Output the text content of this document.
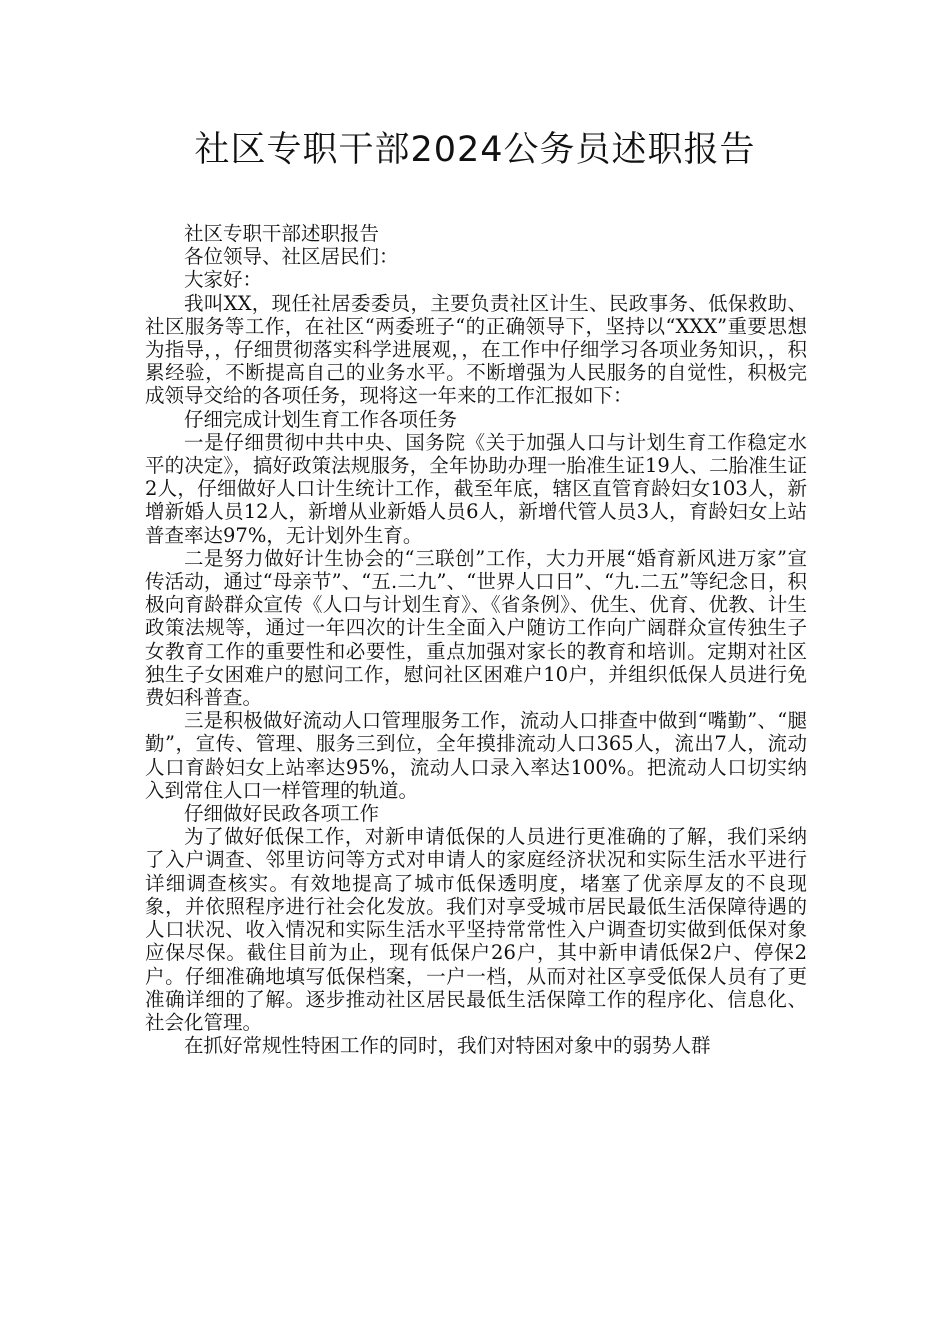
社区专职干部2024公务员述职报告

社区专职干部述职报告

各位领导、社区居民们：

大家好：

我叫XX，现任社居委委员，主要负责社区计生、民政事务、低保救助、社区服务等工作，在社区“两委班子“的正确领导下，坚持以“XXX”重要思想为指导，，仔细贯彻落实科学进展观，，在工作中仔细学习各项业务知识，，积累经验，不断提高自己的业务水平。不断增强为人民服务的自觉性，积极完成领导交给的各项任务，现将这一年来的工作汇报如下：

仔细完成计划生育工作各项任务

一是仔细贯彻中共中央、国务院《关于加强人口与计划生育工作稳定水平的决定》，搞好政策法规服务，全年协助办理一胎准生证19人、二胎准生证2人，仔细做好人口计生统计工作，截至年底，辖区直管育龄妇女103人，新增新婚人员12人，新增从业新婚人员6人，新增代管人员3人，育龄妇女上站普查率达97%，无计划外生育。

二是努力做好计生协会的“三联创”工作，大力开展“婚育新风进万家”宣传活动，通过“母亲节”、“五.二九”、“世界人口日”、“九.二五”等纪念日，积极向育龄群众宣传《人口与计划生育》、《省条例》、优生、优育、优教、计生政策法规等，通过一年四次的计生全面入户随访工作向广阔群众宣传独生子女教育工作的重要性和必要性，重点加强对家长的教育和培训。定期对社区独生子女困难户的慰问工作，慰问社区困难户10户，并组织低保人员进行免费妇科普查。

三是积极做好流动人口管理服务工作，流动人口排查中做到“嘴勤”、“腿勤”，宣传、管理、服务三到位，全年摸排流动人口365人，流出7人，流动人口育龄妇女上站率达95%，流动人口录入率达100%。把流动人口切实纳入到常住人口一样管理的轨道。

仔细做好民政各项工作

为了做好低保工作，对新申请低保的人员进行更准确的了解，我们采纳了入户调查、邻里访问等方式对申请人的家庭经济状况和实际生活水平进行详细调查核实。有效地提高了城市低保透明度，堵塞了优亲厚友的不良现象，并依照程序进行社会化发放。我们对享受城市居民最低生活保障待遇的人口状况、收入情况和实际生活水平坚持常常性入户调查切实做到低保对象应保尽保。截住目前为止，现有低保户26户，其中新申请低保2户、停保2户。仔细准确地填写低保档案，一户一档，从而对社区享受低保人员有了更准确详细的了解。逐步推动社区居民最低生活保障工作的程序化、信息化、社会化管理。

在抓好常规性特困工作的同时，我们对特困对象中的弱势人群
